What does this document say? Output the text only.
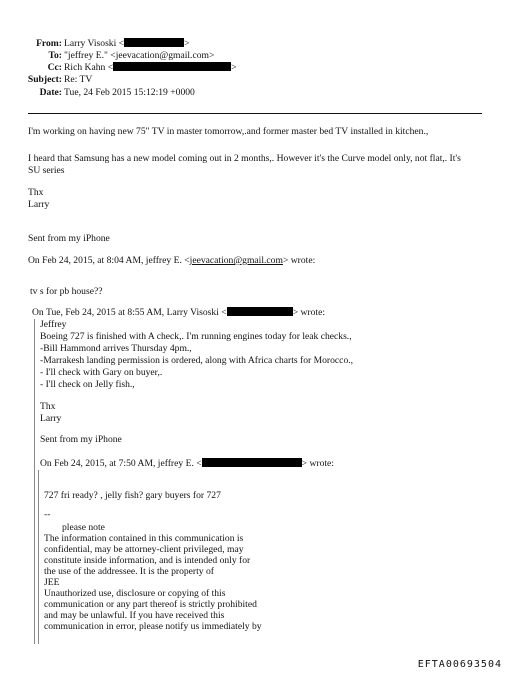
From: Larry Visoski <	>
To: "jeffrey E." <jeevacation@gmail.com>
Cc: Rich Kahn <	>
Subject: Re: TV
Date: Tue, 24 Feb 2015 15:12:19 +0000
I'm working on having new 75" TV in master tomorrow,.and former master bed TV installed in kitchen.,
I heard that Samsung has a new model coming out in 2 months,. However it's the Curve model only, not flat,. It's
SU series
Thx
Larry
Sent from my iPhone
On Feb 24, 2015, at 8:04 AM, jeffrey E. <jeevacation@gmail.com> wrote:
tv s for pb house??
On Tue, Feb 24, 2015 at 8:55 AM, Larry Visoski <	> wrote:
Jeffrey
Boeing 727 is finished with A check,. I'm running engines today for leak checks.,
-Bill Hammond arrives Thursday 4pm.,
-Marrakesh landing permission is ordered, along with Africa charts for Morocco.,
- I'll check with Gary on buyer,.
- I'll check on Jelly fish.,
Thx
Larry
Sent from my iPhone
On Feb 24, 2015, at 7:50 AM, jeffrey E. <	> wrote:
727 fri ready? , jelly fish? gary buyers for 727
--
please note
The information contained in this communication is
confidential, may be attorney-client privileged, may
constitute inside information, and is intended only for
the use of the addressee. It is the property of
JEE
Unauthorized use, disclosure or copying of this
communication or any part thereof is strictly prohibited
and may be unlawful. If you have received this
communication in error, please notify us immediately by
EFTA00693504
